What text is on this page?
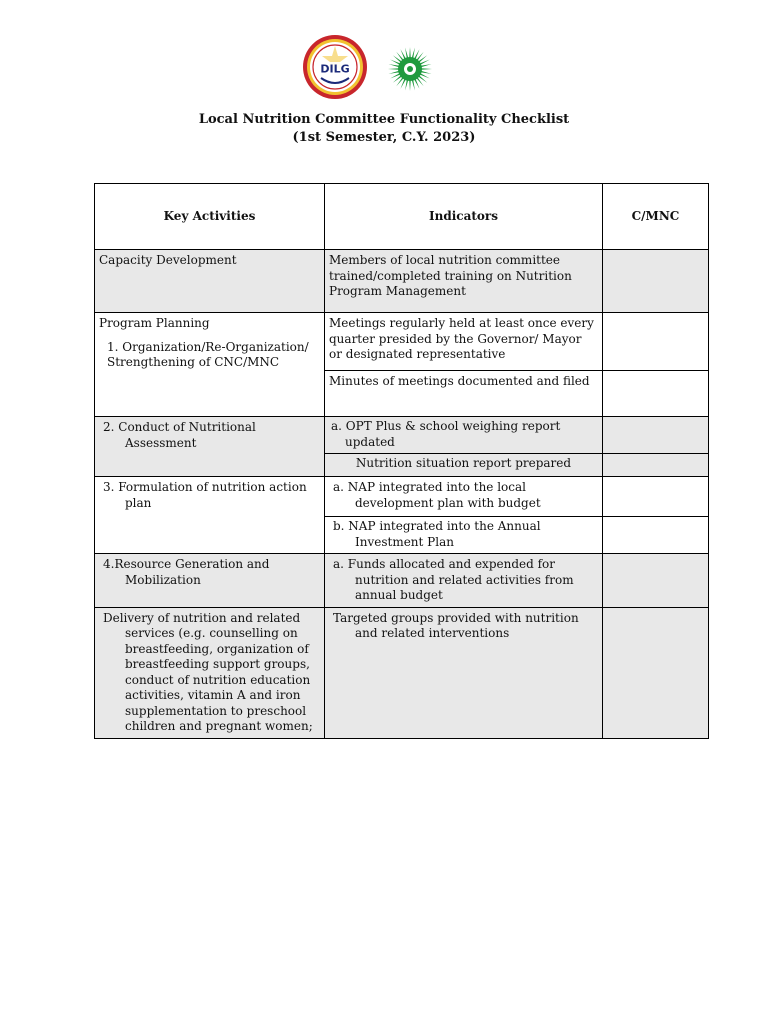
DILG
Local Nutrition Committee Functionality Checklist
(1st Semester, C.Y. 2023)
Key Activities	Indicators	C/MNC

Capacity Development	Members of local nutrition committee trained/completed training on Nutrition Program Management	

Program Planning
1. Organization/Re-Organization/ Strengthening of CNC/MNC	Meetings regularly held at least once every quarter presided by the Governor/ Mayor or designated representative	

	Minutes of meetings documented and filed	

2. Conduct of Nutritional Assessment	a. OPT Plus & school weighing report updated	

	Nutrition situation report prepared	

3. Formulation of nutrition action plan	a. NAP integrated into the local development plan with budget	

	b. NAP integrated into the Annual Investment Plan	

4.Resource Generation and Mobilization	a. Funds allocated and expended for nutrition and related activities from annual budget	

Delivery of nutrition and related services (e.g. counselling on breastfeeding, organization of breastfeeding support groups, conduct of nutrition education activities, vitamin A and iron supplementation to preschool children and pregnant women;	Targeted groups provided with nutrition and related interventions	
